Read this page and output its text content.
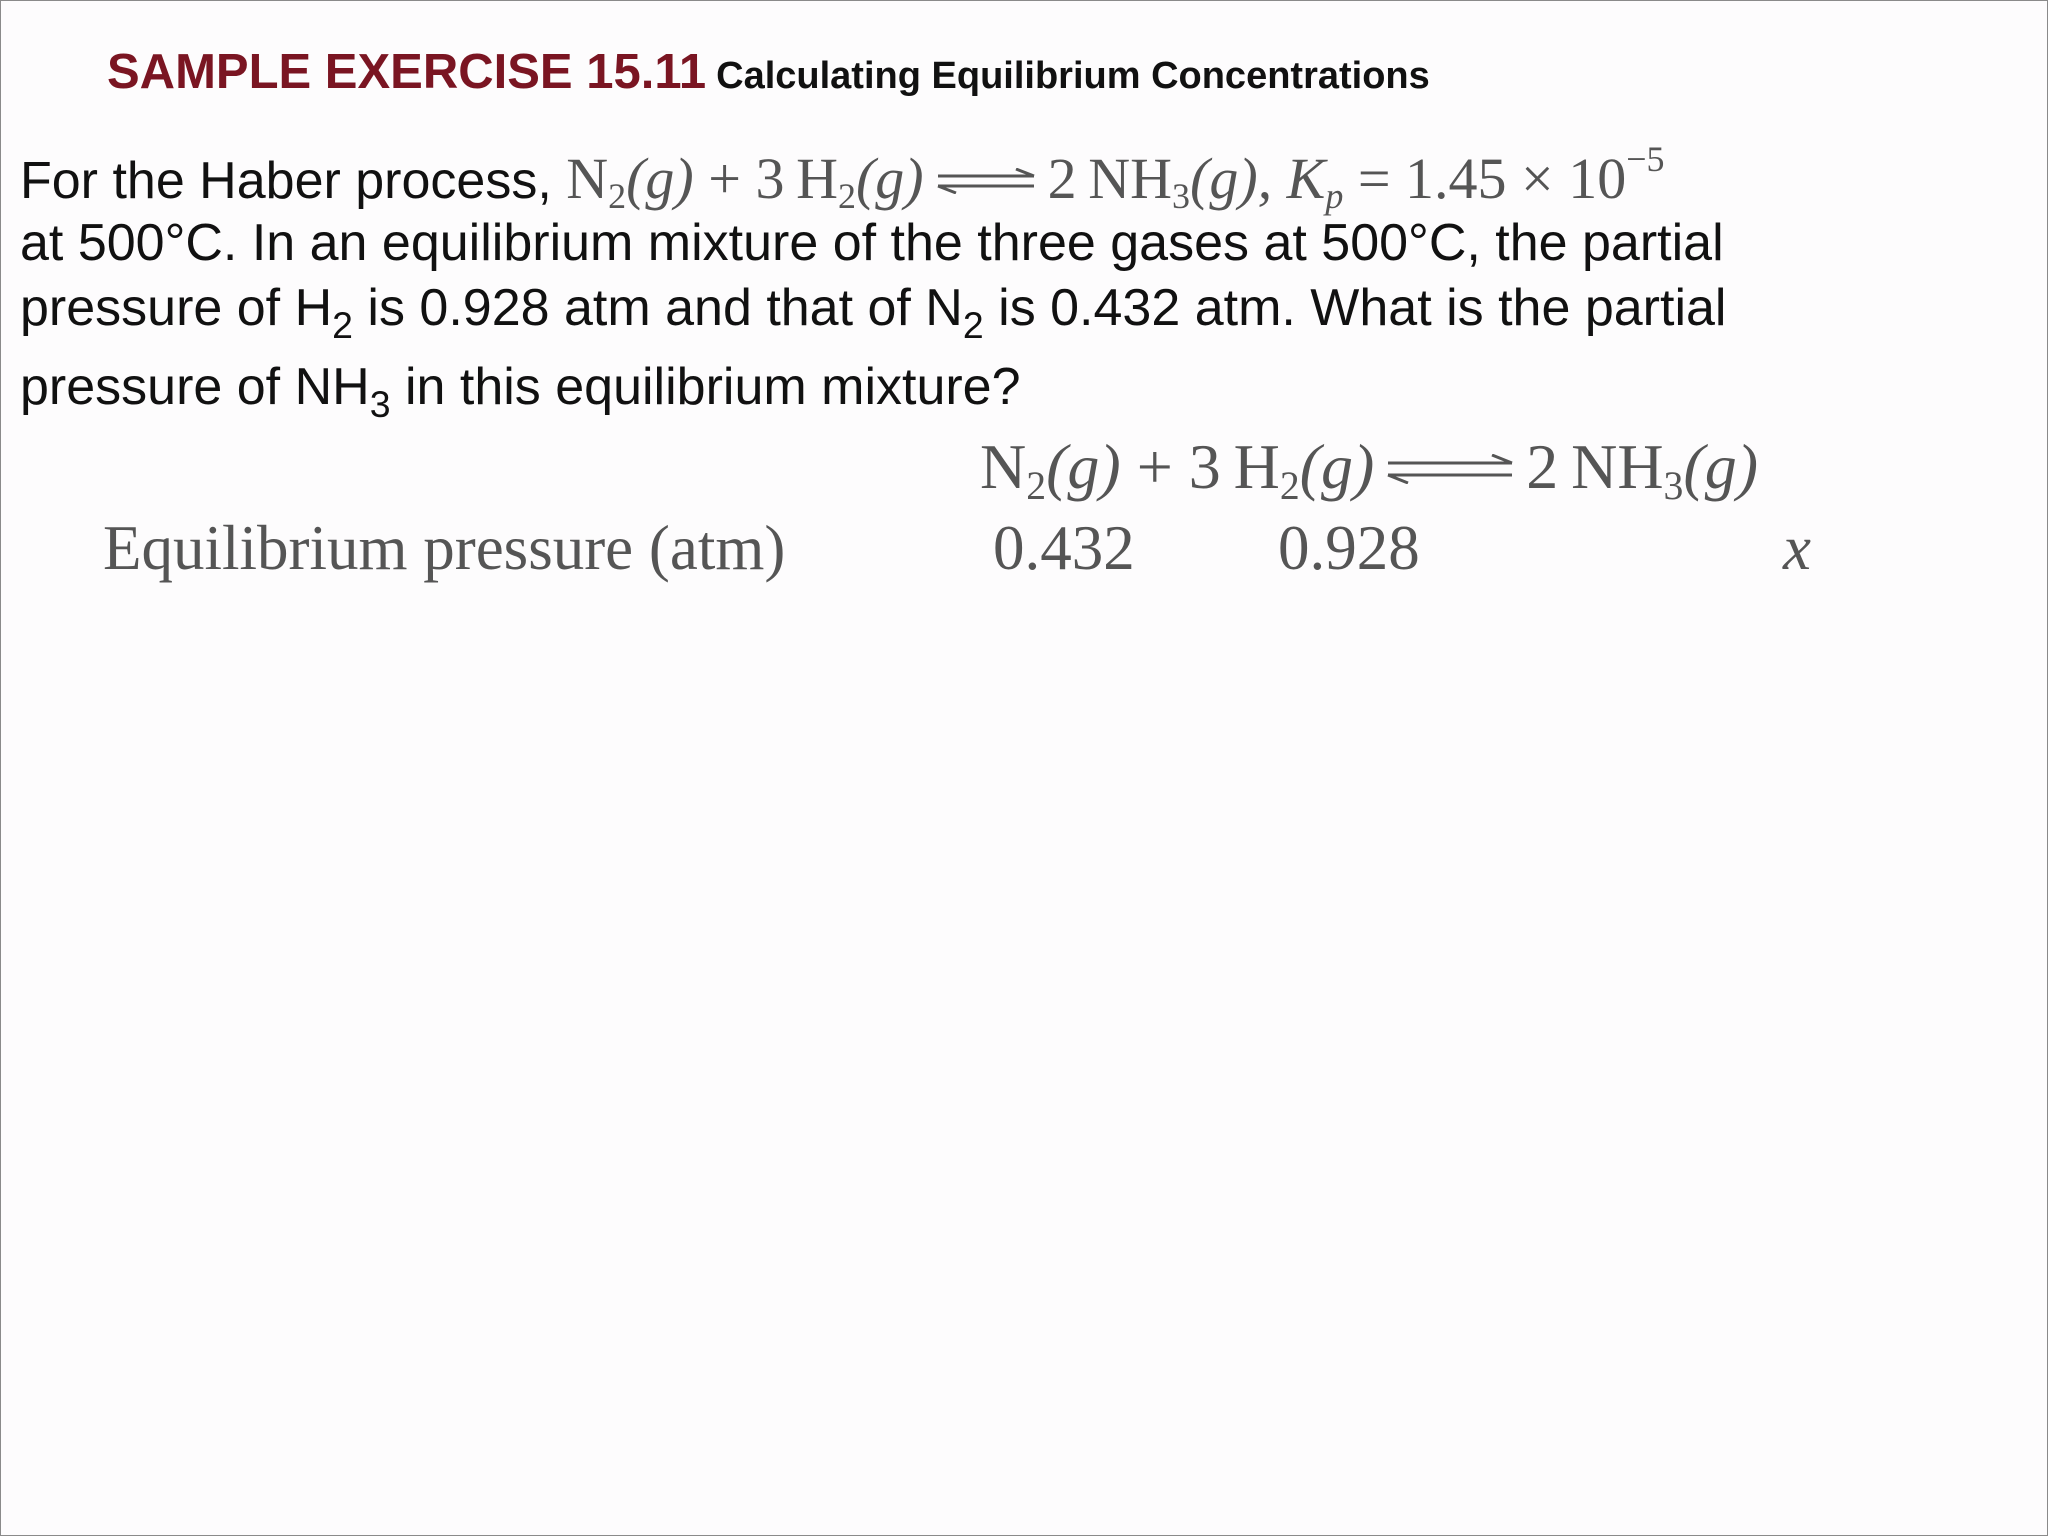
SAMPLE EXERCISE 15.11 Calculating Equilibrium Concentrations
For the Haber process, $N_2(g) + 3$  $H_2(g)$ ⇌ 2  $NH_3(g)$, $K_p = 1.45 \times 10^{-5}$
at 500°C. In an equilibrium mixture of the three gases at 500°C, the partial
pressure of $H_2$ is 0.928 atm and that of $N_2$ is 0.432 atm. What is the partial
pressure of $NH_3$ in this equilibrium mixture?
$N_2(g) + 3$  $H_2(g)$ ⇌ 2  $NH_3(g)$
Equilibrium pressure (atm)	0.432 0.928	x
